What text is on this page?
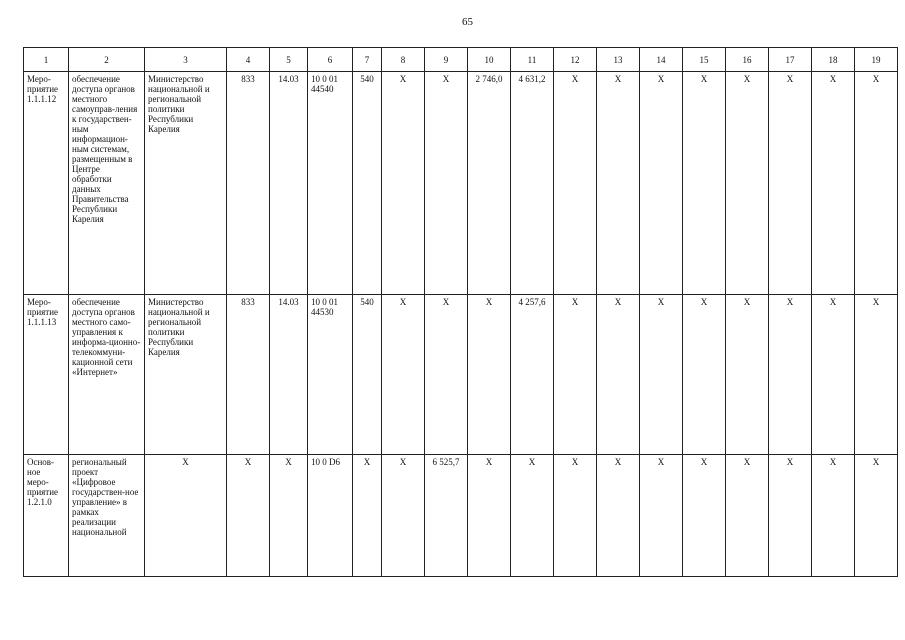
65
1	2	3	4	5	6	7	8	9	10	11	12	13	14	15	16	17	18	19
Меро-
приятие
1.1.1.12	обеспечение доступа органов местного самоуправ-ления к государствен-ным информацион-ным системам, размещенным в Центре обработки данных Правительства Республики Карелия	Министерство национальной и региональной политики Республики Карелия	833	14.03	10 0 01 44540	540	X	X	2 746,0	4 631,2	X	X	X	X	X	X	X	X
Меро-
приятие
1.1.1.13	обеспечение доступа органов местного само-управления к информа-ционно-телекоммуни-кационной сети «Интернет»	Министерство национальной и региональной политики Республики Карелия	833	14.03	10 0 01 44530	540	X	X	X	4 257,6	X	X	X	X	X	X	X	X
Основ-
ное
меро-
приятие
1.2.1.0	региональный проект «Цифровое государствен-ное управление» в рамках реализации национальной	X	X	X	10 0 D6	X	X	6 525,7	X	X	X	X	X	X	X	X	X	X
